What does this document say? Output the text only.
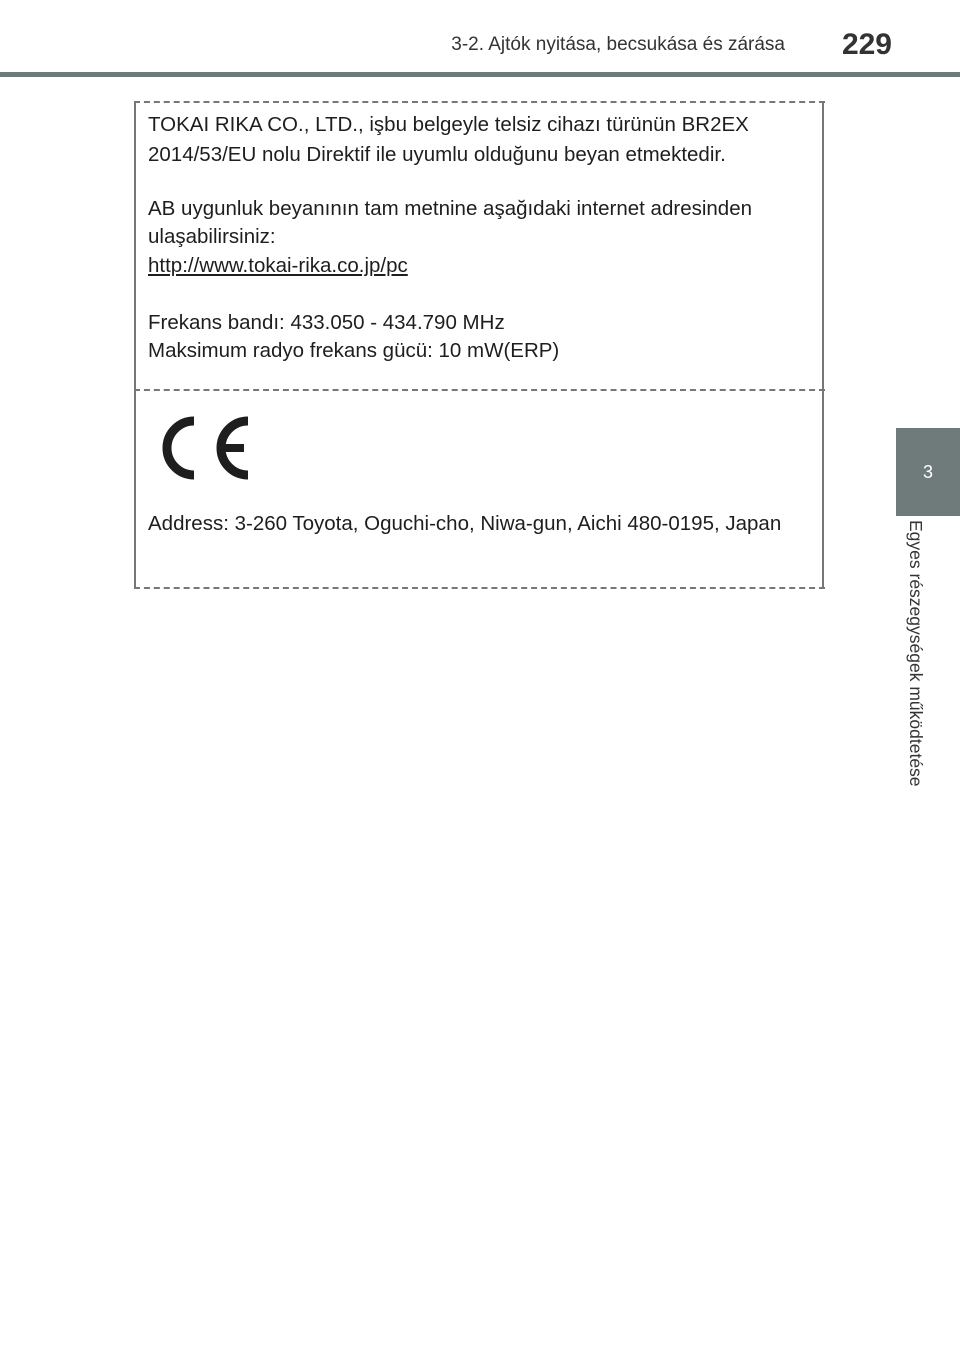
3-2. Ajtók nyitása, becsukása és zárása	229
3
Egyes részegységek működtetése
TOKAI RIKA CO., LTD., işbu belgeyle telsiz cihazı türünün BR2EX
2014/53/EU nolu Direktif ile uyumlu olduğunu beyan etmektedir.
AB uygunluk beyanının tam metnine aşağıdaki internet adresinden
ulaşabilirsiniz:
http://www.tokai-rika.co.jp/pc
Frekans bandı: 433.050 - 434.790 MHz
Maksimum radyo frekans gücü: 10 mW(ERP)
Address: 3-260 Toyota, Oguchi-cho, Niwa-gun, Aichi 480-0195, Japan
